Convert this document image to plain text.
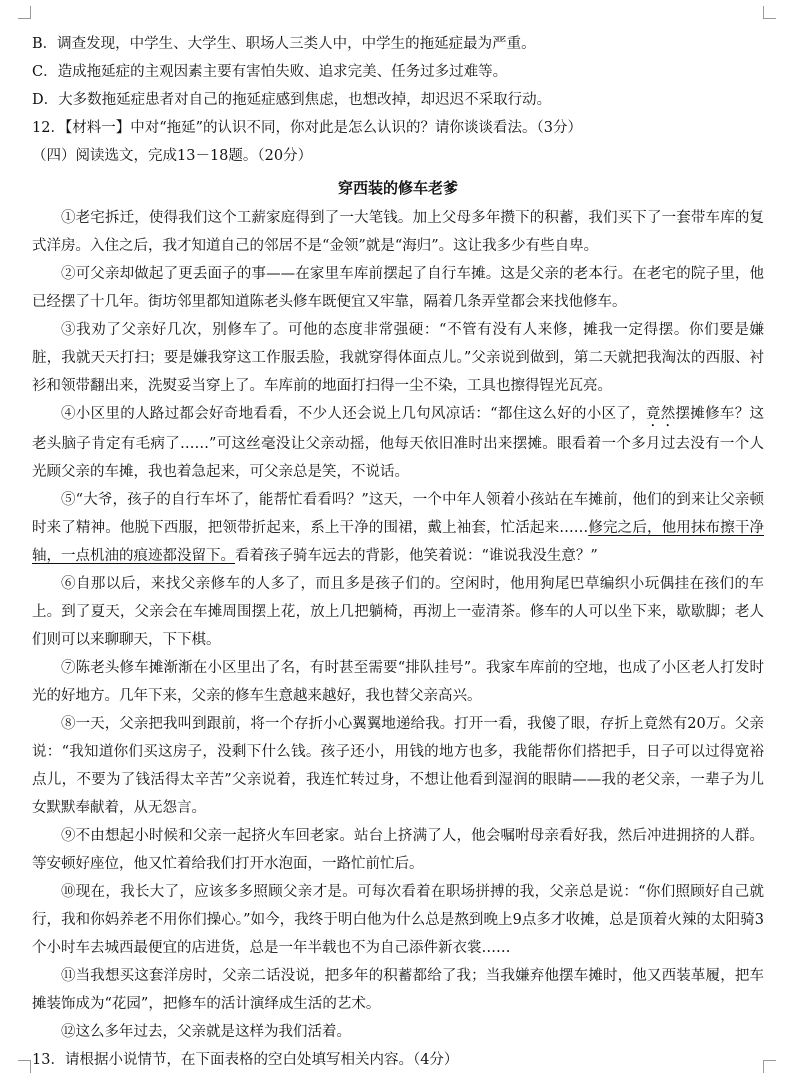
B．调查发现，中学生、大学生、职场人三类人中，中学生的拖延症最为严重。

C．造成拖延症的主观因素主要有害怕失败、追求完美、任务过多过难等。

D．大多数拖延症患者对自己的拖延症感到焦虑，也想改掉，却迟迟不采取行动。

12．【材料一】中对“拖延”的认识不同，你对此是怎么认识的？请你谈谈看法。（3分）

（四）阅读选文，完成13－18题。（20分）

穿西装的修车老爹

①老宅拆迁，使得我们这个工薪家庭得到了一大笔钱。加上父母多年攒下的积蓄，我们买下了一套带车库的复式洋房。入住之后，我才知道自己的邻居不是“金领”就是“海归”。这让我多少有些自卑。

②可父亲却做起了更丢面子的事——在家里车库前摆起了自行车摊。这是父亲的老本行。在老宅的院子里，他已经摆了十几年。街坊邻里都知道陈老头修车既便宜又牢靠，隔着几条弄堂都会来找他修车。

③我劝了父亲好几次，别修车了。可他的态度非常强硬：“不管有没有人来修，摊我一定得摆。你们要是嫌脏，我就天天打扫；要是嫌我穿这工作服丢脸，我就穿得体面点儿。”父亲说到做到，第二天就把我淘汰的西服、衬衫和领带翻出来，洗熨妥当穿上了。车库前的地面打扫得一尘不染，工具也擦得锃光瓦亮。

④小区里的人路过都会好奇地看看，不少人还会说上几句风凉话：“都住这么好的小区了，竟然摆摊修车？这老头脑子肯定有毛病了……”可这丝毫没让父亲动摇，他每天依旧准时出来摆摊。眼看着一个多月过去没有一个人光顾父亲的车摊，我也着急起来，可父亲总是笑，不说话。

⑤“大爷，孩子的自行车坏了，能帮忙看看吗？”这天，一个中年人领着小孩站在车摊前，他们的到来让父亲顿时来了精神。他脱下西服，把领带折起来，系上干净的围裙，戴上袖套，忙活起来……修完之后，他用抹布擦干净轴，一点机油的痕迹都没留下。看着孩子骑车远去的背影，他笑着说：“谁说我没生意？”

⑥自那以后，来找父亲修车的人多了，而且多是孩子们的。空闲时，他用狗尾巴草编织小玩偶挂在孩们的车上。到了夏天，父亲会在车摊周围摆上花，放上几把躺椅，再沏上一壶清茶。修车的人可以坐下来，歇歇脚；老人们则可以来聊聊天，下下棋。

⑦陈老头修车摊渐渐在小区里出了名，有时甚至需要“排队挂号”。我家车库前的空地，也成了小区老人打发时光的好地方。几年下来，父亲的修车生意越来越好，我也替父亲高兴。

⑧一天，父亲把我叫到跟前，将一个存折小心翼翼地递给我。打开一看，我傻了眼，存折上竟然有20万。父亲说：“我知道你们买这房子，没剩下什么钱。孩子还小，用钱的地方也多，我能帮你们搭把手，日子可以过得宽裕点儿，不要为了钱活得太辛苦”父亲说着，我连忙转过身，不想让他看到湿润的眼睛——我的老父亲，一辈子为儿女默默奉献着，从无怨言。

⑨不由想起小时候和父亲一起挤火车回老家。站台上挤满了人，他会嘱咐母亲看好我，然后冲进拥挤的人群。等安顿好座位，他又忙着给我们打开水泡面，一路忙前忙后。

⑩现在，我长大了，应该多多照顾父亲才是。可每次看着在职场拼搏的我，父亲总是说：“你们照顾好自己就行，我和你妈养老不用你们操心。”如今，我终于明白他为什么总是熬到晚上9点多才收摊，总是顶着火辣的太阳骑3个小时车去城西最便宜的店进货，总是一年半载也不为自己添件新衣裳……

⑪当我想买这套洋房时，父亲二话没说，把多年的积蓄都给了我；当我嫌弃他摆车摊时，他又西装革履，把车摊装饰成为“花园”，把修车的活计演绎成生活的艺术。

⑫这么多年过去，父亲就是这样为我们活着。

13．请根据小说情节，在下面表格的空白处填写相关内容。（4分）
